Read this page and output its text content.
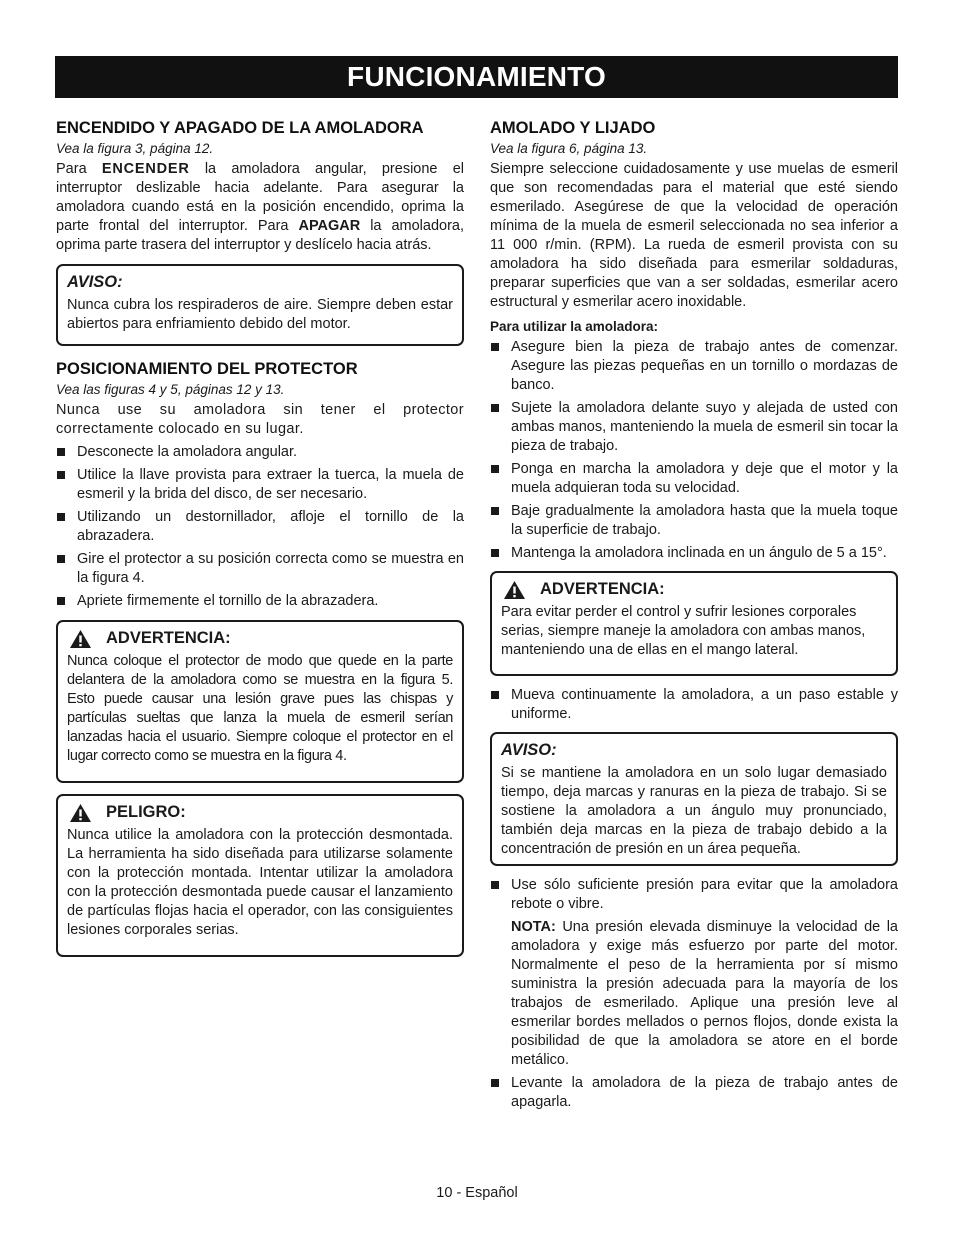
FUNCIONAMIENTO
ENCENDIDO Y APAGADO DE LA AMOLADORA
Vea la figura 3, página 12.

Para ENCENDER la amoladora angular, presione el interruptor deslizable hacia adelante. Para asegurar la amoladora cuando está en la posición encendido, oprima la parte frontal del interruptor. Para APAGAR la amoladora, oprima parte trasera del interruptor y deslícelo hacia atrás.

AVISO:

Nunca cubra los respiraderos de aire. Siempre deben estar abiertos para enfriamiento debido del motor.

POSICIONAMIENTO DEL PROTECTOR
Vea las figuras 4 y 5, páginas 12 y 13.

Nunca use su amoladora sin tener el protector correctamente colocado en su lugar.

Desconecte la amoladora angular.
Utilice la llave provista para extraer la tuerca, la muela de esmeril y la brida del disco, de ser necesario.
Utilizando un destornillador, afloje el tornillo de la abrazadera.
Gire el protector a su posición correcta como se muestra en la figura 4.
Apriete firmemente el tornillo de la abrazadera.
ADVERTENCIA:

Nunca coloque el protector de modo que quede en la parte delantera de la amoladora como se muestra en la figura 5. Esto puede causar una lesión grave pues las chispas y partículas sueltas que lanza la muela de esmeril serían lanzadas hacia el usuario. Siempre coloque el protector en el lugar correcto como se muestra en la figura 4.

PELIGRO:

Nunca utilice la amoladora con la protección desmontada. La herramienta ha sido diseñada para utilizarse solamente con la protección montada. Intentar utilizar la amoladora con la protección desmontada puede causar el lanzamiento de partículas flojas hacia el operador, con las consiguientes lesiones corporales serias.

AMOLADO Y LIJADO
Vea la figura 6, página 13.

Siempre seleccione cuidadosamente y use muelas de esmeril que son recomendadas para el material que esté siendo esmerilado. Asegúrese de que la velocidad de operación mínima de la muela de esmeril seleccionada no sea inferior a 11 000 r/min. (RPM). La rueda de esmeril provista con su amoladora ha sido diseñada para esmerilar soldaduras, preparar superficies que van a ser soldadas, esmerilar acero estructural y esmerilar acero inoxidable.

Para utilizar la amoladora:
Asegure bien la pieza de trabajo antes de comenzar. Asegure las piezas pequeñas en un tornillo o mordazas de banco.
Sujete la amoladora delante suyo y alejada de usted con ambas manos, manteniendo la muela de esmeril sin tocar la pieza de trabajo.
Ponga en marcha la amoladora y deje que el motor y la muela adquieran toda su velocidad.
Baje gradualmente la amoladora hasta que la muela toque la superficie de trabajo.
Mantenga la amoladora inclinada en un ángulo de 5 a 15°.
ADVERTENCIA:

Para evitar perder el control y sufrir lesiones corporales serias, siempre maneje la amoladora con ambas manos, manteniendo una de ellas en el mango lateral.

Mueva continuamente la amoladora, a un paso estable y uniforme.
AVISO:

Si se mantiene la amoladora en un solo lugar demasiado tiempo, deja marcas y ranuras en la pieza de trabajo. Si se sostiene la amoladora a un ángulo muy pronunciado, también deja marcas en la pieza de trabajo debido a la concentración de presión en un área pequeña.

Use sólo suficiente presión para evitar que la amoladora rebote o vibre.

NOTA: Una presión elevada disminuye la velocidad de la amoladora y exige más esfuerzo por parte del motor. Normalmente el peso de la herramienta por sí mismo suministra la presión adecuada para la mayoría de los trabajos de esmerilado. Aplique una presión leve al esmerilar bordes mellados o pernos flojos, donde exista la posibilidad de que la amoladora se atore en el borde metálico.

Levante la amoladora de la pieza de trabajo antes de apagarla.
10 - Español
